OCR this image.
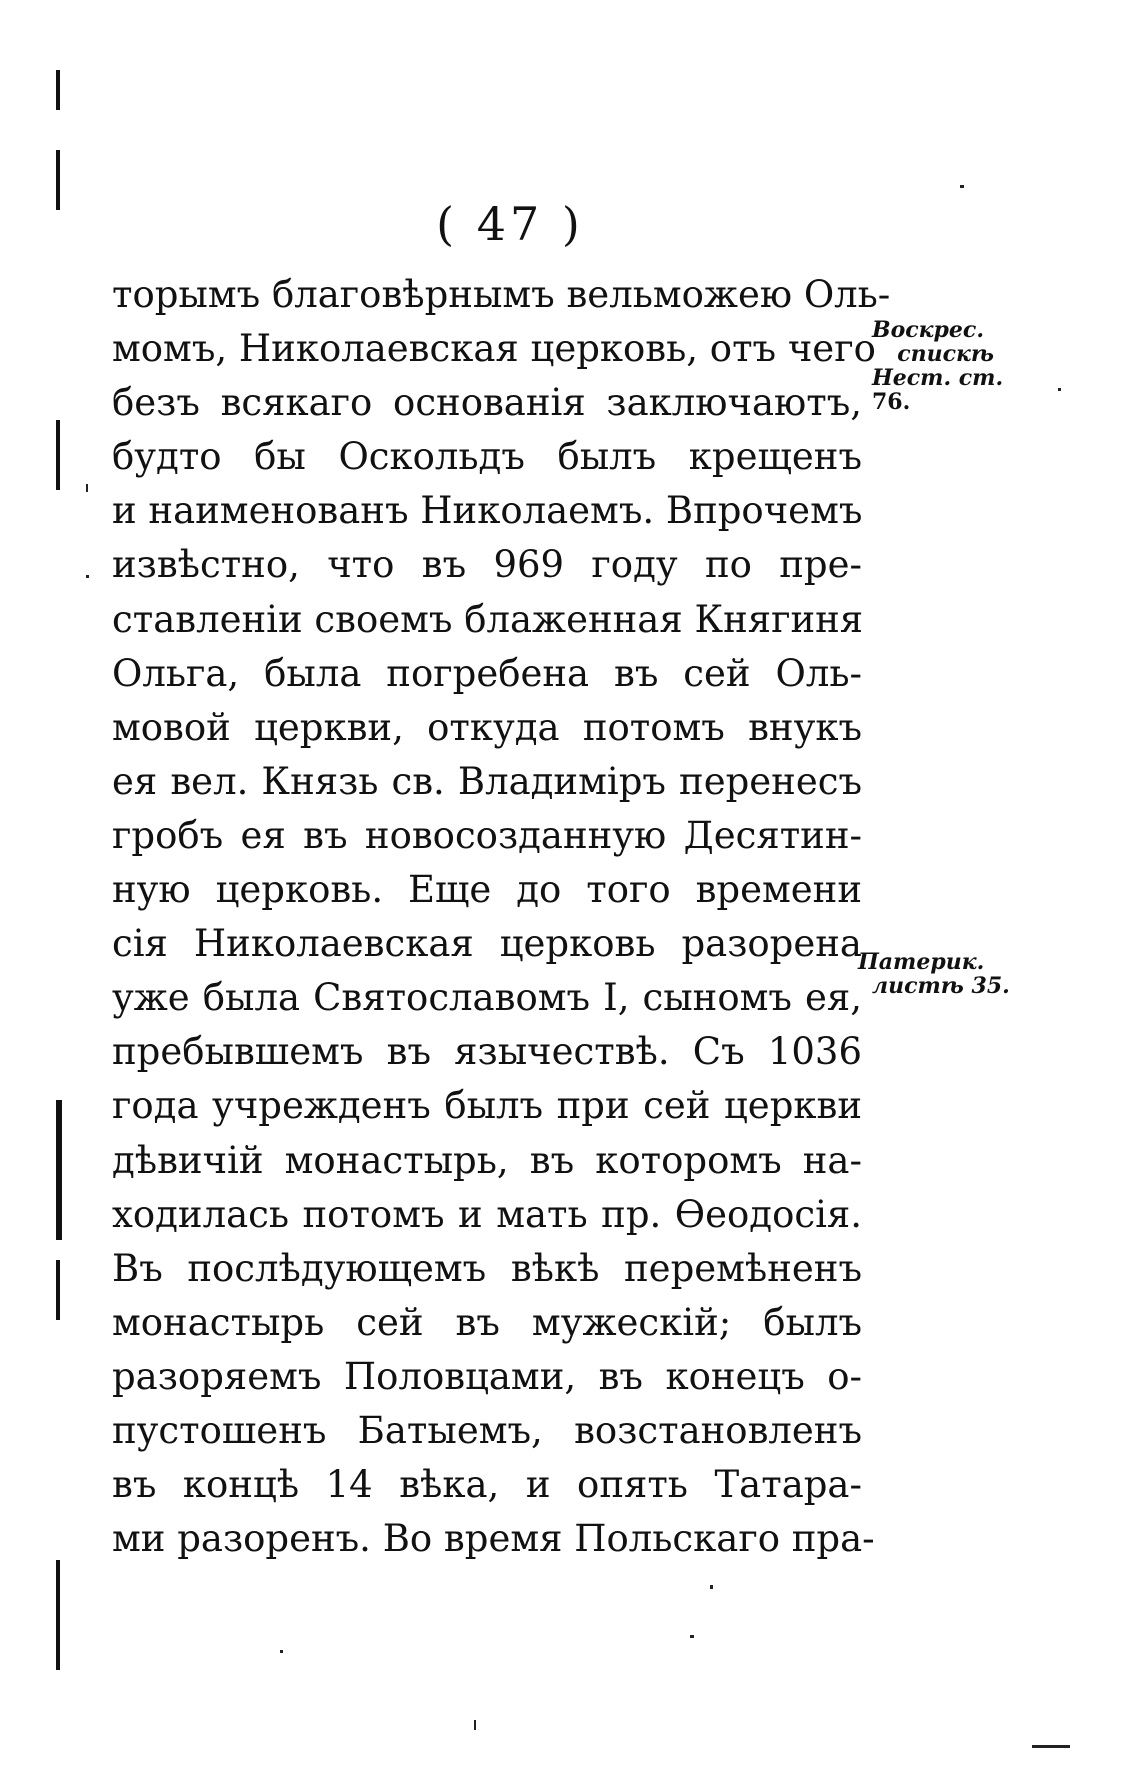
( 47 )
торымъ благовѣрнымъ вельможею Оль-
момъ, Николаевская церковь, отъ чего
безъ всякаго основанія заключаютъ,
будто бы Оскольдъ былъ крещенъ
и наименованъ Николаемъ. Впрочемъ
извѣстно, что въ 969 году по пре-
ставленіи своемъ блаженная Княгиня
Ольга, была погребена въ сей Оль-
мовой церкви, откуда потомъ внукъ
ея вел. Князь св. Владиміръ перенесъ
гробъ ея въ новосозданную Десятин-
ную церковь. Еще до того времени
сія Николаевская церковь разорена
уже была Святославомъ I, сыномъ ея,
пребывшемъ въ язычествѣ. Съ 1036
года учрежденъ былъ при сей церкви
дѣвичій монастырь, въ которомъ на-
ходилась потомъ и мать пр. Ѳеодосія.
Въ послѣдующемъ вѣкѣ перемѣненъ
монастырь сей въ мужескій; былъ
разоряемъ Половцами, въ конецъ о-
пустошенъ Батыемъ, возстановленъ
въ концѣ 14 вѣка, и опять Татара-
ми разоренъ. Во время Польскаго пра-
Воскрес.
спискѣ
Нест. ст.
76.
Патерик.
листѣ 35.
